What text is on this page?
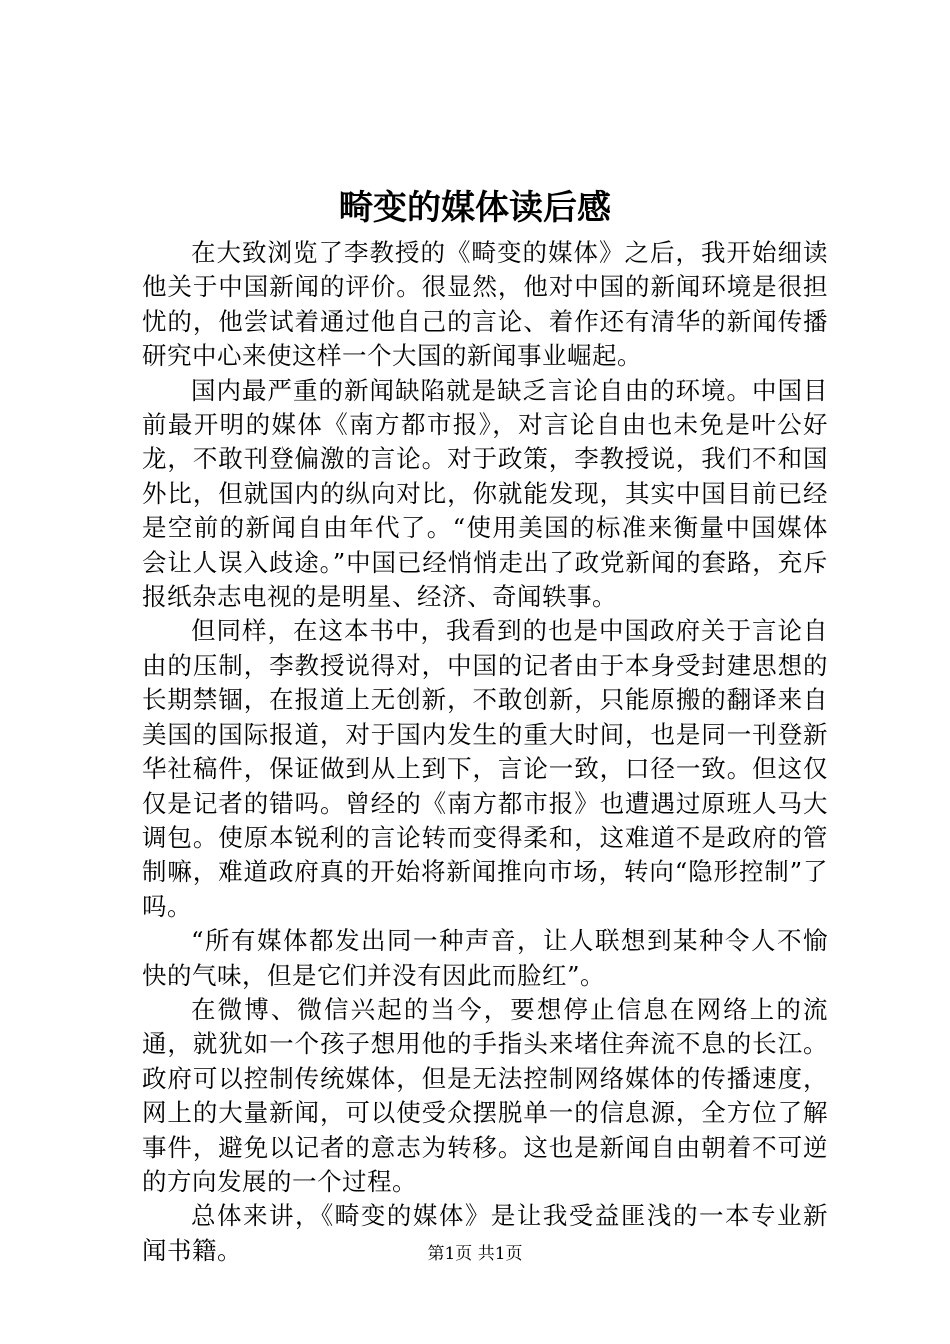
畸变的媒体读后感

在大致浏览了李教授的《畸变的媒体》之后，我开始细读他关于中国新闻的评价。很显然，他对中国的新闻环境是很担忧的，他尝试着通过他自己的言论、着作还有清华的新闻传播研究中心来使这样一个大国的新闻事业崛起。

国内最严重的新闻缺陷就是缺乏言论自由的环境。中国目前最开明的媒体《南方都市报》，对言论自由也未免是叶公好龙，不敢刊登偏激的言论。对于政策，李教授说，我们不和国外比，但就国内的纵向对比，你就能发现，其实中国目前已经是空前的新闻自由年代了。“使用美国的标准来衡量中国媒体会让人误入歧途。”中国已经悄悄走出了政党新闻的套路，充斥报纸杂志电视的是明星、经济、奇闻轶事。

但同样，在这本书中，我看到的也是中国政府关于言论自由的压制，李教授说得对，中国的记者由于本身受封建思想的长期禁锢，在报道上无创新，不敢创新，只能原搬的翻译来自美国的国际报道，对于国内发生的重大时间，也是同一刊登新华社稿件，保证做到从上到下，言论一致，口径一致。但这仅仅是记者的错吗。曾经的《南方都市报》也遭遇过原班人马大调包。使原本锐利的言论转而变得柔和，这难道不是政府的管制嘛，难道政府真的开始将新闻推向市场，转向“隐形控制”了吗。

“所有媒体都发出同一种声音，让人联想到某种令人不愉快的气味，但是它们并没有因此而脸红”。

在微博、微信兴起的当今，要想停止信息在网络上的流通，就犹如一个孩子想用他的手指头来堵住奔流不息的长江。政府可以控制传统媒体，但是无法控制网络媒体的传播速度，网上的大量新闻，可以使受众摆脱单一的信息源，全方位了解事件，避免以记者的意志为转移。这也是新闻自由朝着不可逆的方向发展的一个过程。

总体来讲，《畸变的媒体》是让我受益匪浅的一本专业新闻书籍。	第1页 共1页
